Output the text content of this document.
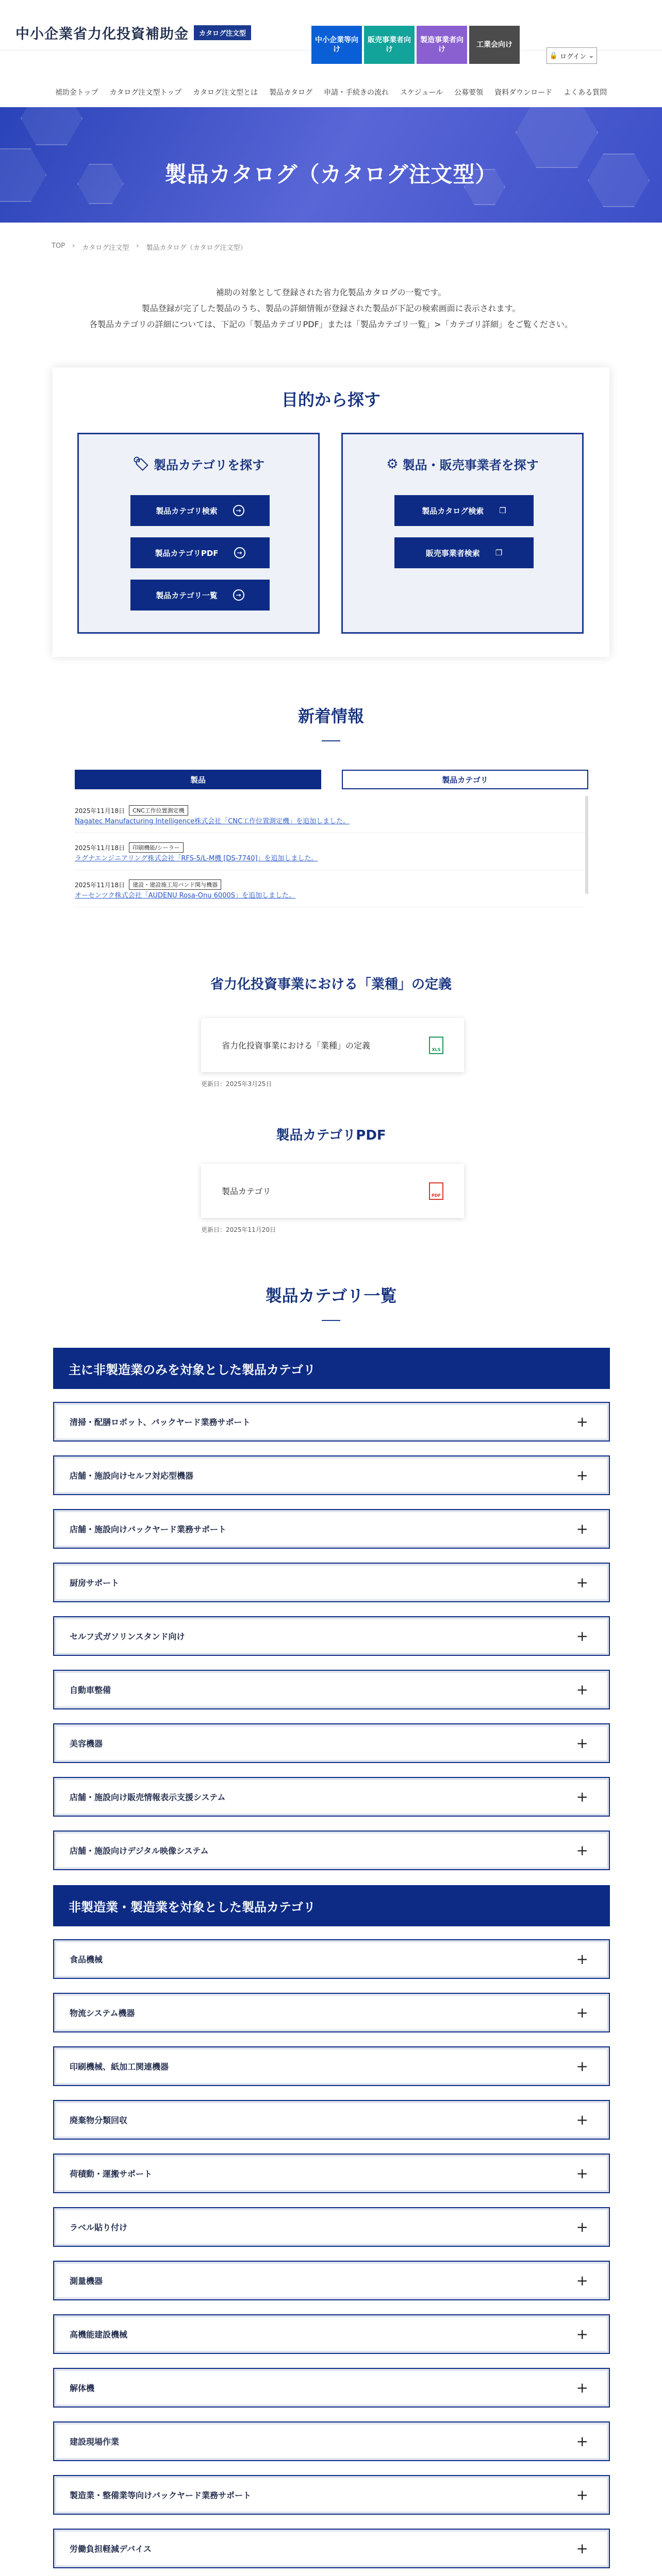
中小企業省力化投資補助金	カタログ注文型
中小企業等向け
販売事業者向け
製造事業者向け
工業会向け
🔒 ログイン ⌄
補助金トップ カタログ注文型トップ カタログ注文型とは 製品カタログ 申請・手続きの流れ スケジュール 公募要領 資料ダウンロード よくある質問
製品カタログ（カタログ注文型）
TOP › カタログ注文型 › 製品カタログ（カタログ注文型）

補助の対象として登録された省力化製品カタログの一覧です。

製品登録が完了した製品のうち、製品の詳細情報が登録された製品が下記の検索画面に表示されます。

各製品カテゴリの詳細については、下記の「製品カテゴリPDF」または「製品カテゴリ一覧」>「カテゴリ詳細」をご覧ください。

目的から探す
🏷 製品カテゴリを探す
製品カテゴリ検索	→
製品カテゴリPDF	→
製品カテゴリ一覧	→
⚙ 製品・販売事業者を探す
製品カタログ検索 ❐
販売事業者検索 ❐
新着情報
製品	製品カテゴリ
2025年11月18日	CNC工作位置測定機
Nagatec Manufacturing Intelligence株式会社「CNC工作位置測定機」を追加しました。
2025年11月18日	印刷機能/シーラー
ラグナエンジニアリング株式会社「RFS-5/L-M機 [DS-7740]」を追加しました。
2025年11月18日	建設・建設施工用バンド関与機器
オーセンツク株式会社「AUDENU Rosa-Onu 6000S」を追加しました。
省力化投資事業における「業種」の定義
省力化投資事業における「業種」の定義	XLS
更新日：2025年3月25日
製品カテゴリPDF
製品カテゴリ	PDF
更新日：2025年11月20日
製品カテゴリ一覧
主に非製造業のみを対象とした製品カテゴリ
清掃・配膳ロボット、バックヤード業務サポート	+
店舗・施設向けセルフ対応型機器	+
店舗・施設向けバックヤード業務サポート	+
厨房サポート	+
セルフ式ガソリンスタンド向け	+
自動車整備	+
美容機器	+
店舗・施設向け販売情報表示支援システム	+
店舗・施設向けデジタル映像システム	+
非製造業・製造業を対象とした製品カテゴリ
食品機械	+
物流システム機器	+
印刷機械、紙加工関連機器	+
廃棄物分類回収	+
荷積動・運搬サポート	+
ラベル貼り付け	+
測量機器	+
高機能建設機械	+
解体機	+
建設現場作業	+
製造業・整備業等向けバックヤード業務サポート	+
労働負担軽減デバイス	+
